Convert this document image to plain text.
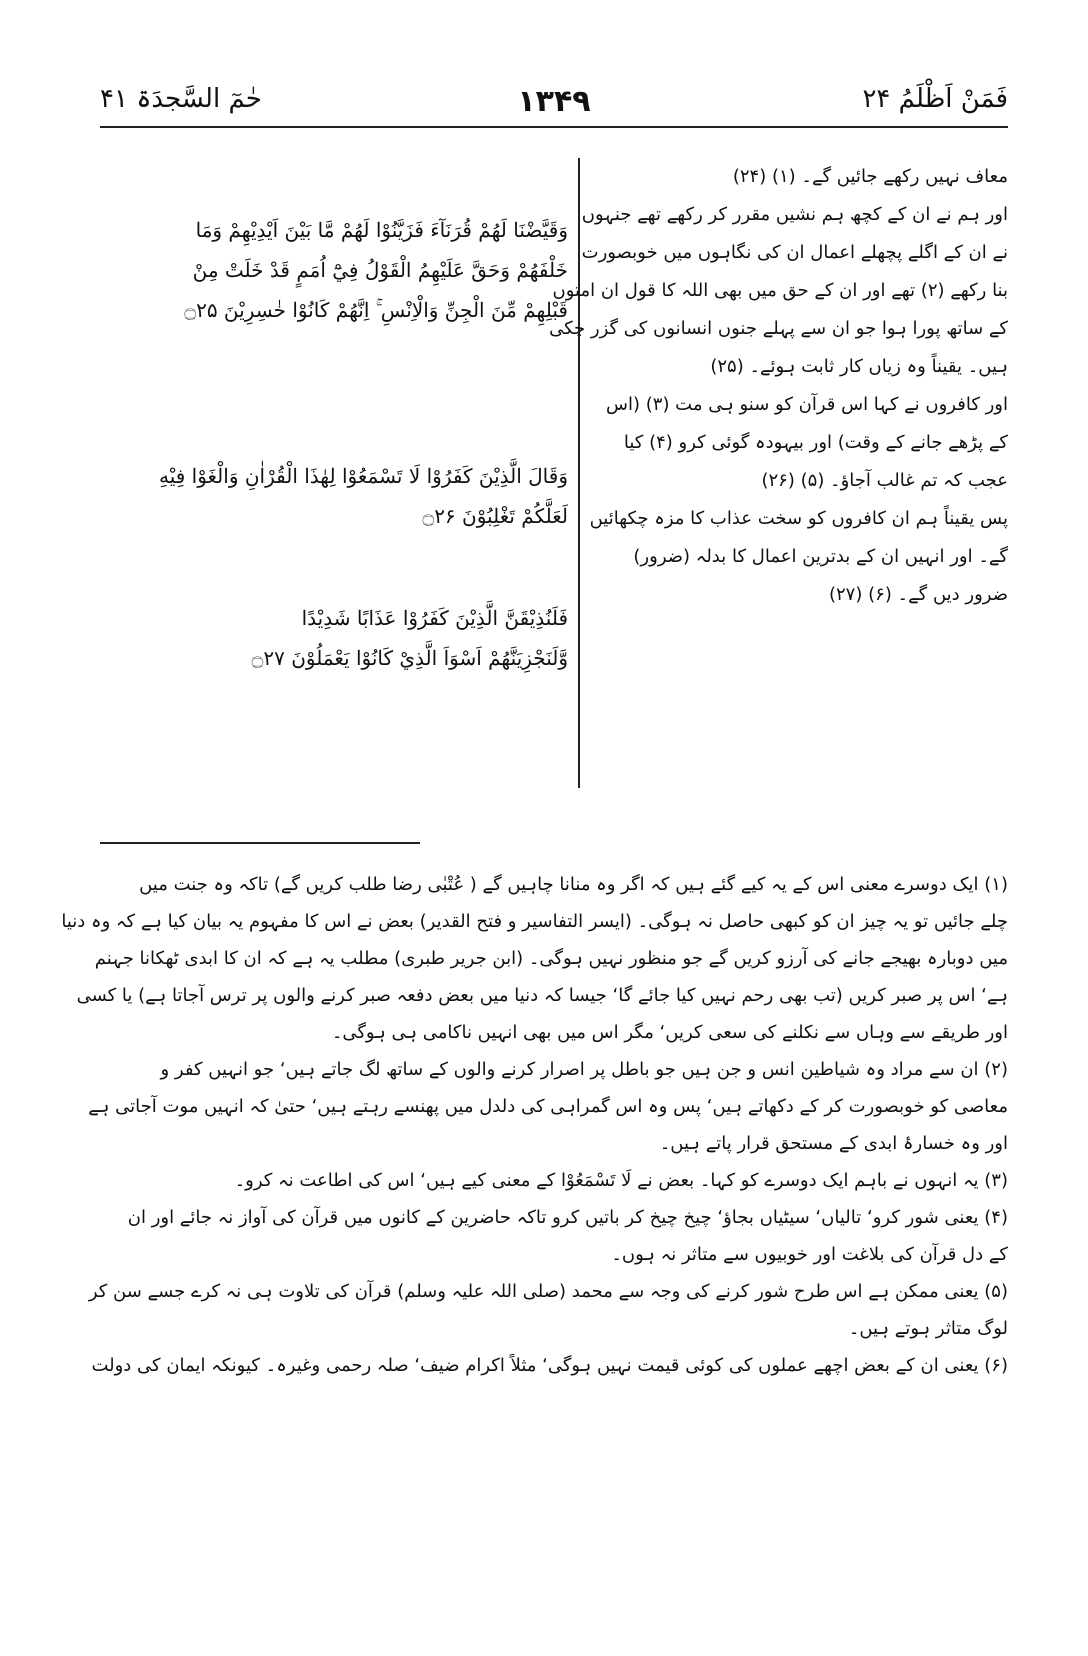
حٰمٓ السَّجدَۃ ۴۱	۱۳۴۹	فَمَنْ اَظْلَمُ ۲۴
وَقَيَّضْنَا لَهُمْ قُرَنَآءَ فَزَيَّنُوْا لَهُمْ مَّا بَيْنَ اَيْدِيْهِمْ وَمَا
خَلْفَهُمْ وَحَقَّ عَلَيْهِمُ الْقَوْلُ فِيْٓ اُمَمٍ قَدْ خَلَتْ مِنْ
قَبْلِهِمْ مِّنَ الْجِنِّ وَالْاِنْسِ ۚ اِنَّهُمْ كَانُوْا خٰسِرِيْنَ ۝۲۵
وَقَالَ الَّذِيْنَ كَفَرُوْا لَا تَسْمَعُوْا لِهٰذَا الْقُرْاٰنِ وَالْغَوْا فِيْهِ
لَعَلَّكُمْ تَغْلِبُوْنَ ۝۲۶
فَلَنُذِيْقَنَّ الَّذِيْنَ كَفَرُوْا عَذَابًا شَدِيْدًا
وَّلَنَجْزِيَنَّهُمْ اَسْوَاَ الَّذِيْ كَانُوْا يَعْمَلُوْنَ ۝۲۷
معاف نہیں رکھے جائیں گے۔ (۱) (۲۴)
اور ہم نے ان کے کچھ ہم نشیں مقرر کر رکھے تھے جنہوں
نے ان کے اگلے پچھلے اعمال ان کی نگاہوں میں خوبصورت
بنا رکھے (۲) تھے اور ان کے حق میں بھی اللہ کا قول ان امتوں
کے ساتھ پورا ہوا جو ان سے پہلے جنوں انسانوں کی گزر چکی
ہیں۔ یقیناً وہ زیاں کار ثابت ہوئے۔ (۲۵)
اور کافروں نے کہا اس قرآن کو سنو ہی مت (۳) (اس
کے پڑھے جانے کے وقت) اور بیہودہ گوئی کرو (۴) کیا
عجب کہ تم غالب آجاؤ۔ (۵) (۲۶)
پس یقیناً ہم ان کافروں کو سخت عذاب کا مزہ چکھائیں
گے۔ اور انہیں ان کے بدترین اعمال کا بدلہ (ضرور)
ضرور دیں گے۔ (۶) (۲۷)
(۱) ایک دوسرے معنی اس کے یہ کیے گئے ہیں کہ اگر وہ منانا چاہیں گے ( عُتْبٰی رضا طلب کریں گے) تاکہ وہ جنت میں
چلے جائیں تو یہ چیز ان کو کبھی حاصل نہ ہوگی۔ (ایسر التفاسیر و فتح القدیر) بعض نے اس کا مفہوم یہ بیان کیا ہے کہ وہ دنیا
میں دوبارہ بھیجے جانے کی آرزو کریں گے جو منظور نہیں ہوگی۔ (ابن جریر طبری) مطلب یہ ہے کہ ان کا ابدی ٹھکانا جہنم
ہے‘ اس پر صبر کریں (تب بھی رحم نہیں کیا جائے گا‘ جیسا کہ دنیا میں بعض دفعہ صبر کرنے والوں پر ترس آجاتا ہے) یا کسی
اور طریقے سے وہاں سے نکلنے کی سعی کریں‘ مگر اس میں بھی انہیں ناکامی ہی ہوگی۔
(۲) ان سے مراد وہ شیاطین انس و جن ہیں جو باطل پر اصرار کرنے والوں کے ساتھ لگ جاتے ہیں‘ جو انہیں کفر و
معاصی کو خوبصورت کر کے دکھاتے ہیں‘ پس وہ اس گمراہی کی دلدل میں پھنسے رہتے ہیں‘ حتیٰ کہ انہیں موت آجاتی ہے
اور وہ خسارۂ ابدی کے مستحق قرار پاتے ہیں۔
(۳) یہ انہوں نے باہم ایک دوسرے کو کہا۔ بعض نے لَا تَسْمَعُوْا کے معنی کیے ہیں‘ اس کی اطاعت نہ کرو۔
(۴) یعنی شور کرو‘ تالیاں‘ سیٹیاں بجاؤ‘ چیخ چیخ کر باتیں کرو تاکہ حاضرین کے کانوں میں قرآن کی آواز نہ جائے اور ان
کے دل قرآن کی بلاغت اور خوبیوں سے متاثر نہ ہوں۔
(۵) یعنی ممکن ہے اس طرح شور کرنے کی وجہ سے محمد (صلی اللہ علیہ وسلم) قرآن کی تلاوت ہی نہ کرے جسے سن کر
لوگ متاثر ہوتے ہیں۔
(۶) یعنی ان کے بعض اچھے عملوں کی کوئی قیمت نہیں ہوگی‘ مثلاً اکرام ضیف‘ صلہ رحمی وغیرہ۔ کیونکہ ایمان کی دولت
